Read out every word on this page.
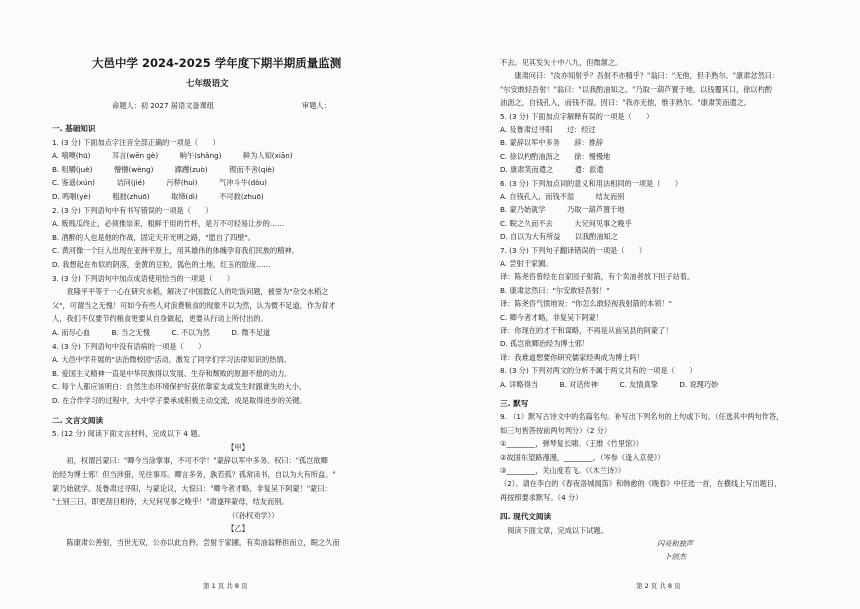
大邑中学 2024-2025 学年度下期半期质量监测
七年级语文
命题人：初 2027 届语文备课组	审题人：
一. 基础知识
1. (3 分) 下面加点字注音全部正确的一项是（　　）
A. 嘻噢(hū)　　　耳言(wēn gè)　　　晌午(shǎng)　　　鲜为人知(xiān)
B. 咀嚼(juè)　　　懵懵(wèng)　　　蹀躞(zuò)　　　锲而不舍(qiè)
C. 鉴遥(xún)　　　诘问(jié)　　　污秽(huì)　　　气冲斗牛(dòu)
D. 鸣咽(yè)　　　粗拙(zhuō)　　　取缔(dì)　　　不可救(zhuō)
2. (3 分) 下列语句中有书写错误的一项是（　　）
A. 贩贱瓜终止，必须推崇来，粗鲜于用的竹杯，是万不可轻易让步的……
B. 酒醉的人也是他的作战，固定天开光明之路，"愿自了四壁"。
C. 黄河像一个巨人出现在亚洲平原上，用其雄伟的体魄孕育我们民族的精神。
D. 我想起在布似的阴落，金黄的豆粒，狐色的土地，红玉的脸庞……
3. (3 分) 下列语句中加点成语使用恰当的一项是（　　）
　　袁隆平平等于一心在研究水稻，解决了中国数亿人的吃饭问题，被誉为"杂交水稻之
父"，可谓当之无愧！可如今有些人对浪费粮食的现象不以为然，认为微不足道，作为育才
人，我们不仅要节约粮食更要从自身做起，更要从行动上所付出的。
A. 而尽心血　　　B. 当之无愧　　　C. 不以为然　　　D. 微不足道
4. (3 分) 下列语句中没有语病的一项是（　　）
A. 大邑中学开展的"法治微校园"活动，激发了同学们学习法律知识的热情。
B. 爱国主义精神一直是中华民族得以发展、生存和颓败的原源不熄的动力。
C. 每个人都应该明白：自然生态环境保护好获依靠家支或发生时跟谁失的大小。
D. 在合作学习的过程中，大中学子要承成积极主动交流，成是取得进步的关键。
二. 文言文阅读
5. (12 分) 阅读下面文言材料，完成以下 4 题。
【甲】
　　初，权谓吕蒙曰："卿今当涂掌事，不可不学！"蒙辞以军中多务。权曰："孤岂欲卿
治经为博士邪！但当涉猎，见往事耳。卿言多务，孰若孤？孤常读书，自以为大有所益。"
蒙乃始就学。及鲁肃过寻阳，与蒙论议，大惊曰："卿今者才略，非复吴下阿蒙！"蒙曰：
"士别三日，即更刮目相待，大兄何见事之晚乎！"肃遂拜蒙母，结友而别。
　　　　　　　　　　　　　　　　　　　　　　　　　（《孙权劝学》）
【乙】
　　陈康肃公善射，当世无双，公亦以此自矜。尝射于家圃，有卖油翁释担而立，睨之久而
不去。见其发矢十中八九，但微颔之。
　　康肃问曰："汝亦知射乎？吾射不亦精乎？"翁曰："无他，但手熟尔。"康肃忿然曰：
"尔安敢轻吾射！"翁曰："以我酌油知之。"乃取一葫芦置于地，以钱覆其口，徐以杓酌
油沥之，自钱孔入，而钱不湿。因曰："我亦无他，惟手熟尔。"康肃笑而遣之。
5. (3 分) 下面加点字解释有误的一项是（　　）
A. 及鲁肃过寻阳　　过：经过
B. 蒙辞以军中多务　　辞：推辞
C. 徐以杓酌油沥之　　徐：慢慢地
D. 康肃笑而遣之　　　遣：派遣
6. (3 分) 下列加点词的意义和用法相同的一项是（　　）
A. 自钱孔入，而钱不湿　　　结友而别
B. 蒙乃始就学　　　乃取一葫芦置于地
C. 睨之久而不去　　　大兄何见事之晚乎
D. 自以为大有所益　　以我酌油知之
7. (3 分) 下列句子翻译错误的一项是（　　）
A. 尝射于家圃。
译：陈尧咨曾经在自家园子射箭，有个卖油者放下担子站着。
B. 康肃忿然曰："尔安敢轻吾射！"
译：陈尧咨气愤地说："你怎么敢轻视我射箭的本领！"
C. 卿今者才略，非复吴下阿蒙！
译：你现在的才干和谋略，不再是从前吴县的阿蒙了！
D. 孤岂欲卿治经为博士邪！
译：我难道想要你研究儒家经典成为博士吗！
8. (3 分) 下列对两文的分析不属于两文共有的一项是（　　）
A. 详略得当　　　B. 对话传神　　　C. 友情真挚　　　D. 说理巧妙
三. 默写
9. （1）默写古诗文中的名篇名句。补写出下列名句的上句或下句。（任选其中两句作答，
如三句皆答按前两句判分）（2 分）
①________，弹琴复长啸。（王维《竹里馆》）
②故国东望路漫漫，________。（岑参《逢入京使》）
③________，关山度若飞。（《木兰诗》）
（2）、请在李白的《春夜洛城闻笛》和韩愈的《晚春》中任选一首，在横线上写出题目，
再按照要求默写。（4 分）
四. 现代文阅读
　阅读下面文章，完成以下试题。
闪亮和独声
卜创杰
第 1 页 共 8 页	第 2 页 共 8 页
